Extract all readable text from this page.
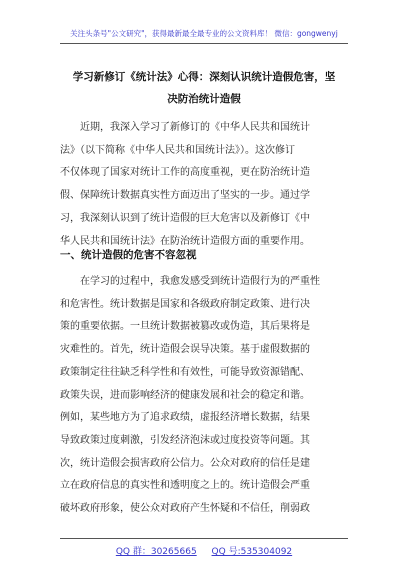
关注头条号"公文研究"，获得最新最全最专业的公文资料库！ 微信：gongwenyj
学习新修订《统计法》心得：深刻认识统计造假危害，坚
决防治统计造假
近期，我深入学习了新修订的《中华人民共和国统计
法》（以下简称《中华人民共和国统计法》）。这次修订
不仅体现了国家对统计工作的高度重视，更在防治统计造
假、保障统计数据真实性方面迈出了坚实的一步。通过学
习，我深刻认识到了统计造假的巨大危害以及新修订《中
华人民共和国统计法》在防治统计造假方面的重要作用。
一、统计造假的危害不容忽视
在学习的过程中，我愈发感受到统计造假行为的严重性
和危害性。统计数据是国家和各级政府制定政策、进行决
策的重要依据。一旦统计数据被篡改或伪造，其后果将是
灾难性的。首先，统计造假会误导决策。基于虚假数据的
政策制定往往缺乏科学性和有效性，可能导致资源错配、
政策失误，进而影响经济的健康发展和社会的稳定和谐。
例如，某些地方为了追求政绩，虚报经济增长数据，结果
导致政策过度刺激，引发经济泡沫或过度投资等问题。其
次，统计造假会损害政府公信力。公众对政府的信任是建
立在政府信息的真实性和透明度之上的。统计造假会严重
破坏政府形象，使公众对政府产生怀疑和不信任，削弱政
QQ 群：30265665 QQ 号:535304092
